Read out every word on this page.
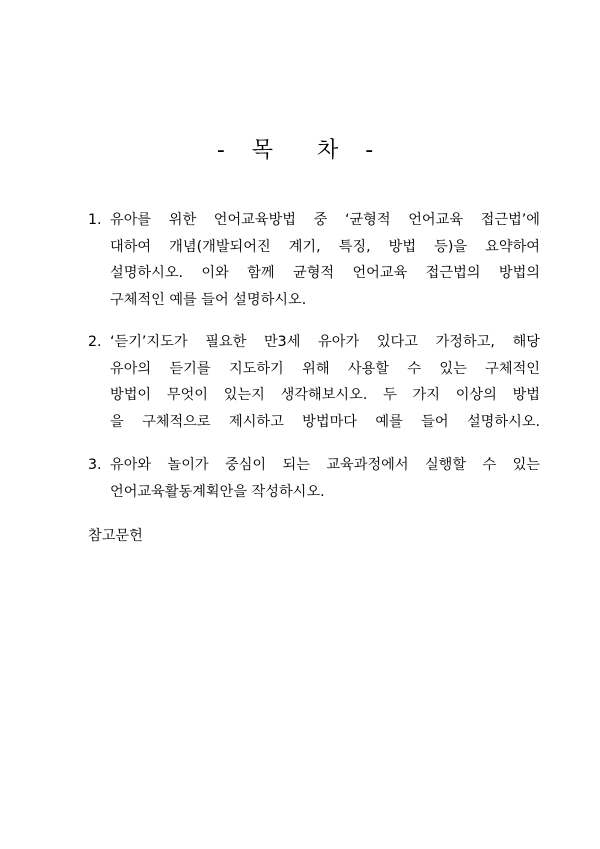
- 목  차 -
1. 유아를 위한 언어교육방법 중 ‘균형적 언어교육 접근법’에
대하여 개념(개발되어진 계기, 특징, 방법 등)을 요약하여
설명하시오. 이와 함께 균형적 언어교육 접근법의 방법의
구체적인 예를 들어 설명하시오.
2. ‘듣기’지도가 필요한 만3세 유아가 있다고 가정하고, 해당
유아의 듣기를 지도하기 위해 사용할 수 있는 구체적인
방법이 무엇이 있는지 생각해보시오. 두 가지 이상의 방법
을 구체적으로 제시하고 방법마다 예를 들어 설명하시오.
3. 유아와 놀이가 중심이 되는 교육과정에서 실행할 수 있는
언어교육활동계획안을 작성하시오.
참고문헌
